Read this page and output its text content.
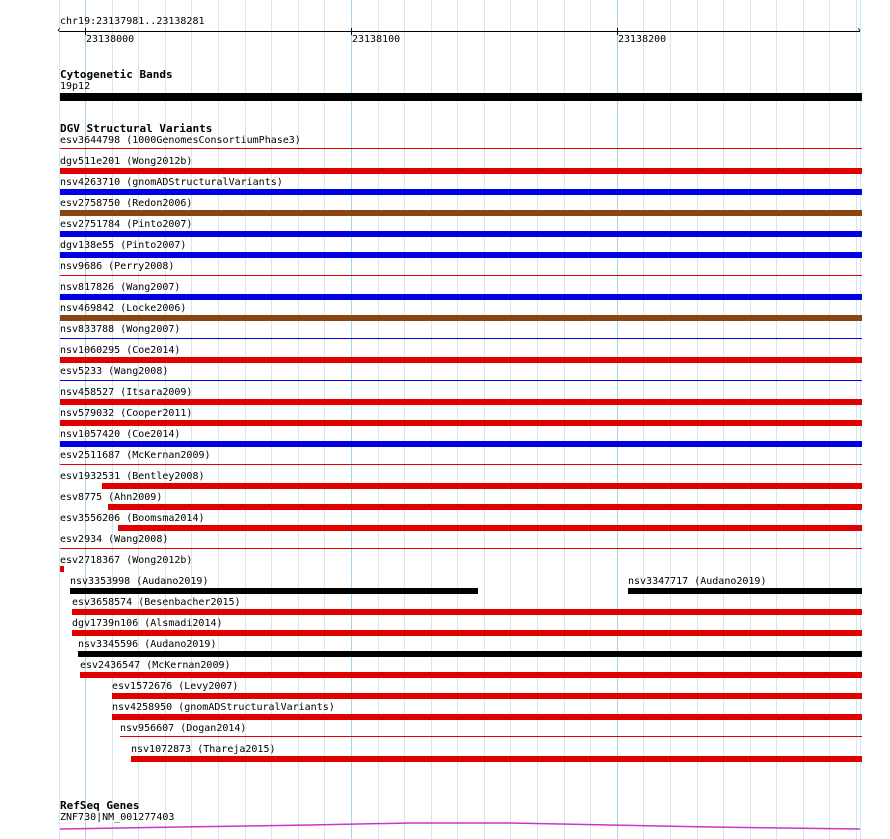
chr19:23137981..23138281
‹	›
23138000	23138100	23138200
Cytogenetic Bands
19p12
DGV Structural Variants
esv3644798 (1000GenomesConsortiumPhase3)
dgv511e201 (Wong2012b)
nsv4263710 (gnomADStructuralVariants)
esv2758750 (Redon2006)
esv2751784 (Pinto2007)
dgv138e55 (Pinto2007)
nsv9686 (Perry2008)
nsv817826 (Wang2007)
nsv469842 (Locke2006)
nsv833788 (Wong2007)
nsv1060295 (Coe2014)
esv5233 (Wang2008)
nsv458527 (Itsara2009)
nsv579032 (Cooper2011)
nsv1057420 (Coe2014)
esv2511687 (McKernan2009)
esv1932531 (Bentley2008)
esv8775 (Ahn2009)
esv3556206 (Boomsma2014)
esv2934 (Wang2008)
esv2718367 (Wong2012b)
nsv3353998 (Audano2019)	nsv3347717 (Audano2019)
esv3658574 (Besenbacher2015)
dgv1739n106 (Alsmadi2014)
nsv3345596 (Audano2019)
esv2436547 (McKernan2009)
esv1572676 (Levy2007)
nsv4258950 (gnomADStructuralVariants)
nsv956607 (Dogan2014)
nsv1072873 (Thareja2015)
RefSeq Genes
ZNF730|NM_001277403
